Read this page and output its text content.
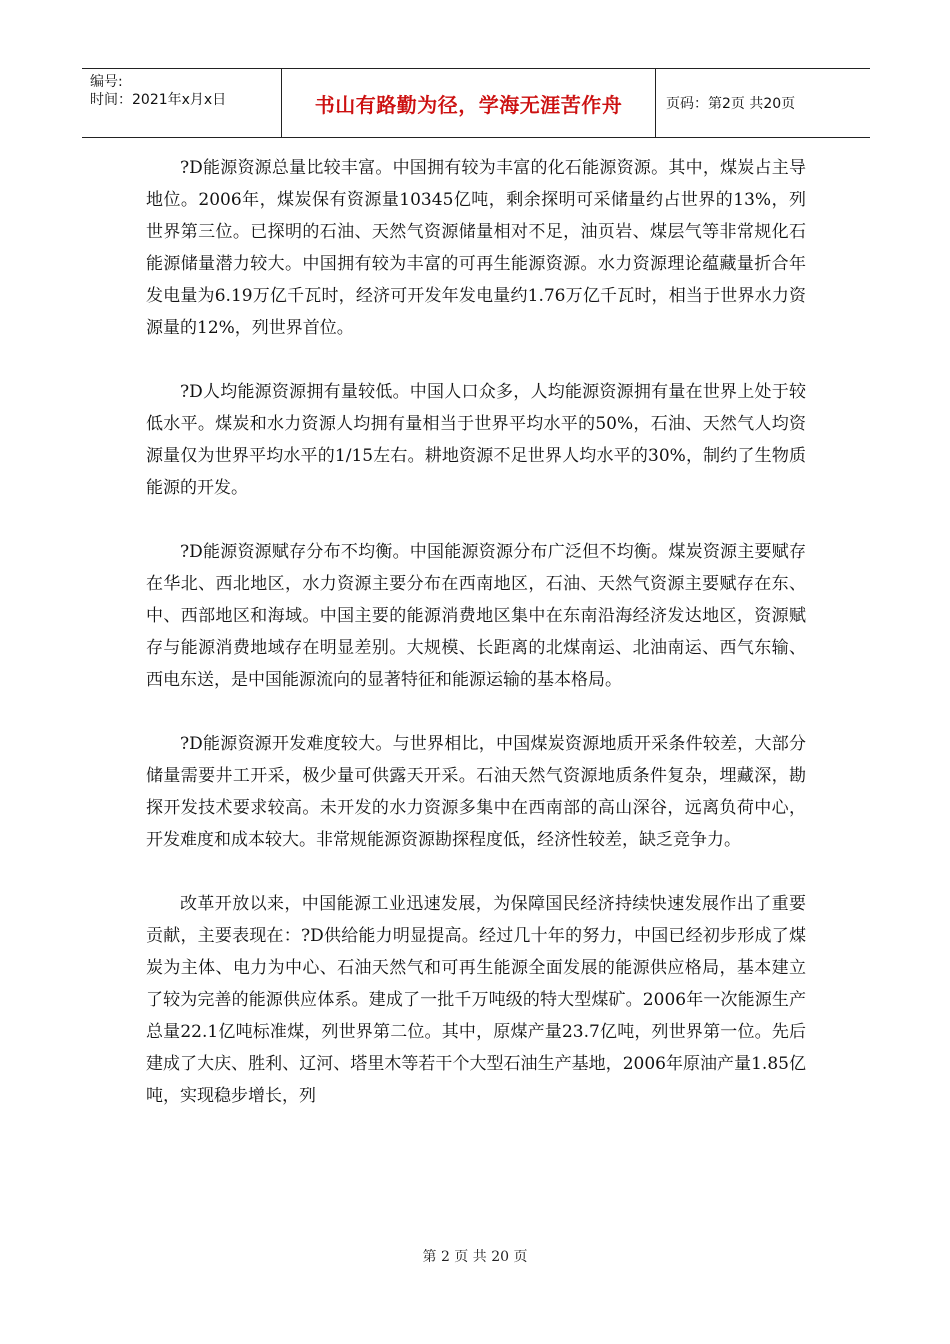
编号:
时间：2021年x月x日	书山有路勤为径，学海无涯苦作舟	页码：第2页 共20页

?D能源资源总量比较丰富。中国拥有较为丰富的化石能源资源。其中，煤炭占主导地位。2006年，煤炭保有资源量10345亿吨，剩余探明可采储量约占世界的13%，列世界第三位。已探明的石油、天然气资源储量相对不足，油页岩、煤层气等非常规化石能源储量潜力较大。中国拥有较为丰富的可再生能源资源。水力资源理论蕴藏量折合年发电量为6.19万亿千瓦时，经济可开发年发电量约1.76万亿千瓦时，相当于世界水力资源量的12%，列世界首位。

?D人均能源资源拥有量较低。中国人口众多，人均能源资源拥有量在世界上处于较低水平。煤炭和水力资源人均拥有量相当于世界平均水平的50%，石油、天然气人均资源量仅为世界平均水平的1/15左右。耕地资源不足世界人均水平的30%，制约了生物质能源的开发。

?D能源资源赋存分布不均衡。中国能源资源分布广泛但不均衡。煤炭资源主要赋存在华北、西北地区，水力资源主要分布在西南地区，石油、天然气资源主要赋存在东、中、西部地区和海域。中国主要的能源消费地区集中在东南沿海经济发达地区，资源赋存与能源消费地域存在明显差别。大规模、长距离的北煤南运、北油南运、西气东输、西电东送，是中国能源流向的显著特征和能源运输的基本格局。

?D能源资源开发难度较大。与世界相比，中国煤炭资源地质开采条件较差，大部分储量需要井工开采，极少量可供露天开采。石油天然气资源地质条件复杂，埋藏深，勘探开发技术要求较高。未开发的水力资源多集中在西南部的高山深谷，远离负荷中心，开发难度和成本较大。非常规能源资源勘探程度低，经济性较差，缺乏竞争力。

改革开放以来，中国能源工业迅速发展，为保障国民经济持续快速发展作出了重要贡献，主要表现在：?D供给能力明显提高。经过几十年的努力，中国已经初步形成了煤炭为主体、电力为中心、石油天然气和可再生能源全面发展的能源供应格局，基本建立了较为完善的能源供应体系。建成了一批千万吨级的特大型煤矿。2006年一次能源生产总量22.1亿吨标准煤，列世界第二位。其中，原煤产量23.7亿吨，列世界第一位。先后建成了大庆、胜利、辽河、塔里木等若干个大型石油生产基地，2006年原油产量1.85亿吨，实现稳步增长，列

第 2 页 共 20 页
